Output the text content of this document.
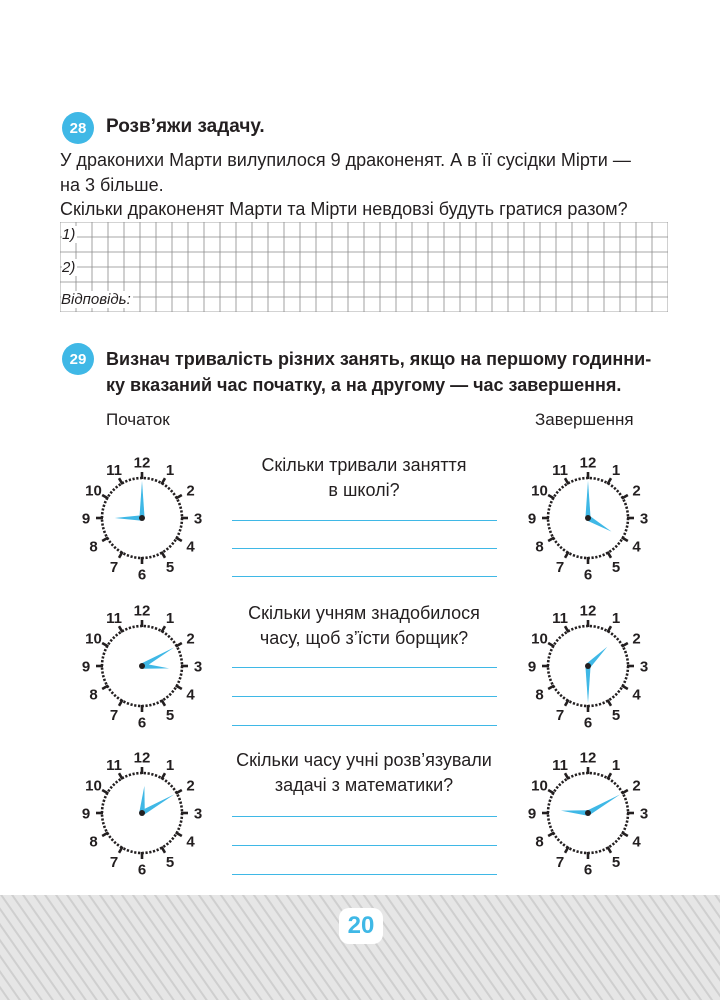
28	Розв’яжи задачу.
У драконихи Марти вилупилося 9 драконенят. А в її сусідки Мірти —
на 3 більше.
Скільки драконенят Марти та Мірти невдовзі будуть гратися разом?
1)
2)
Відповідь:
29	Визнач тривалість різних занять, якщо на першому годинни-
ку вказаний час початку, а на другому — час завершення.
Початок	Завершення
12 1
2
3
4
5
6
7
8
9
10
11	Скільки тривали заняття
в школі?
12 1
2
3
4
5
6
7
8
9
10
11
12 1
2
3
4
5
6
7
8
9
10
11	Скільки учням знадобилося
часу, щоб з’їсти борщик?
12 1
2
3
4
5
6
7
8
9
10
11
12 1
2
3
4
5
6
7
8
9
10
11	Скільки часу учні розв’язували
задачі з математики?
12 1
2
3
4
5
6
7
8
9
10
11
20
